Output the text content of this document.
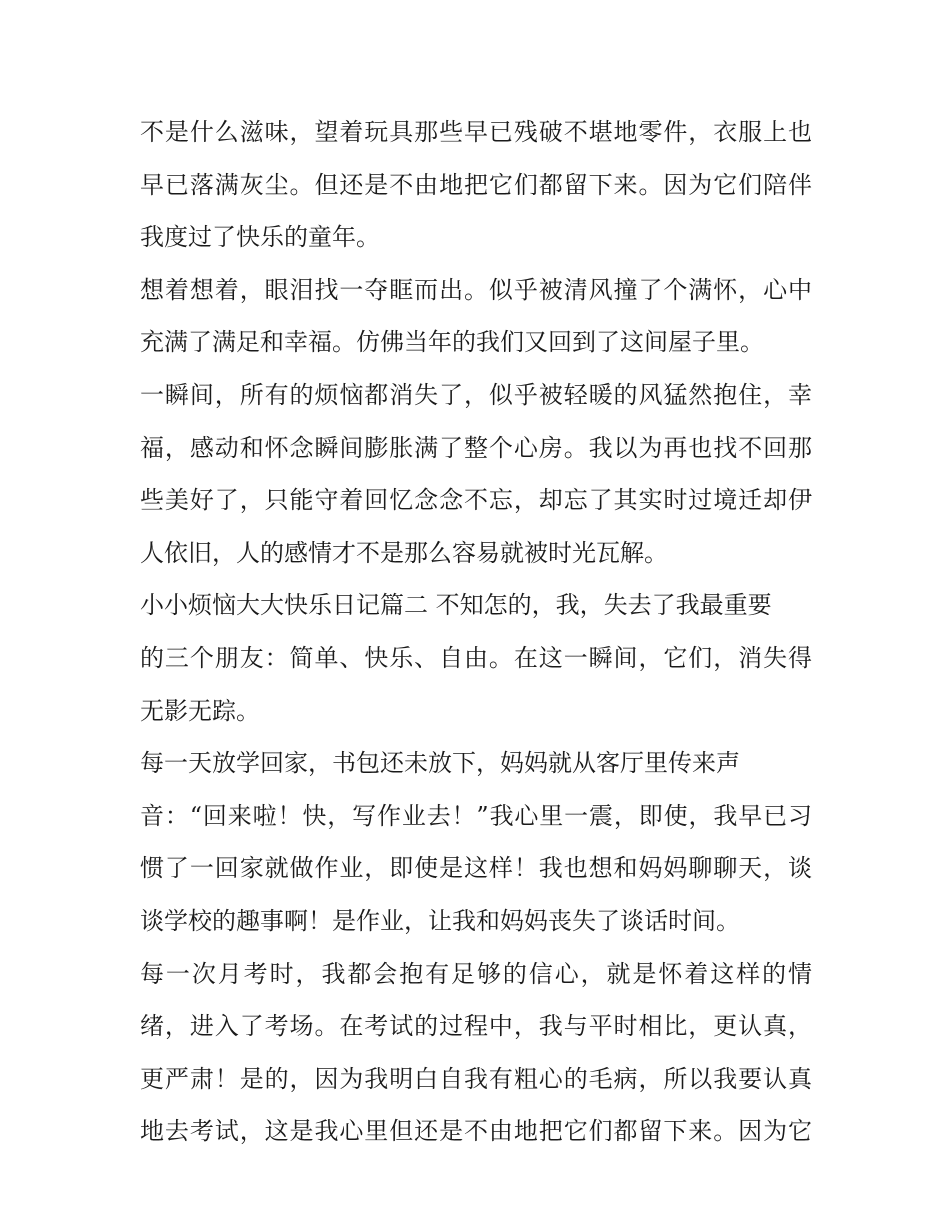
不是什么滋味，望着玩具那些早已残破不堪地零件，衣服上也
早已落满灰尘。但还是不由地把它们都留下来。因为它们陪伴
我度过了快乐的童年。
想着想着，眼泪找一夺眶而出。似乎被清风撞了个满怀，心中
充满了满足和幸福。仿佛当年的我们又回到了这间屋子里。
一瞬间，所有的烦恼都消失了，似乎被轻暖的风猛然抱住，幸
福，感动和怀念瞬间膨胀满了整个心房。我以为再也找不回那
些美好了，只能守着回忆念念不忘，却忘了其实时过境迁却伊
人依旧，人的感情才不是那么容易就被时光瓦解。
小小烦恼大大快乐日记篇二 不知怎的，我，失去了我最重要
的三个朋友：简单、快乐、自由。在这一瞬间，它们，消失得
无影无踪。
每一天放学回家，书包还未放下，妈妈就从客厅里传来声
音：“回来啦！快，写作业去！”我心里一震，即使，我早已习
惯了一回家就做作业，即使是这样！我也想和妈妈聊聊天，谈
谈学校的趣事啊！是作业，让我和妈妈丧失了谈话时间。
每一次月考时，我都会抱有足够的信心，就是怀着这样的情
绪，进入了考场。在考试的过程中，我与平时相比，更认真，
更严肃！是的，因为我明白自我有粗心的毛病，所以我要认真
地去考试，这是我心里但还是不由地把它们都留下来。因为它
